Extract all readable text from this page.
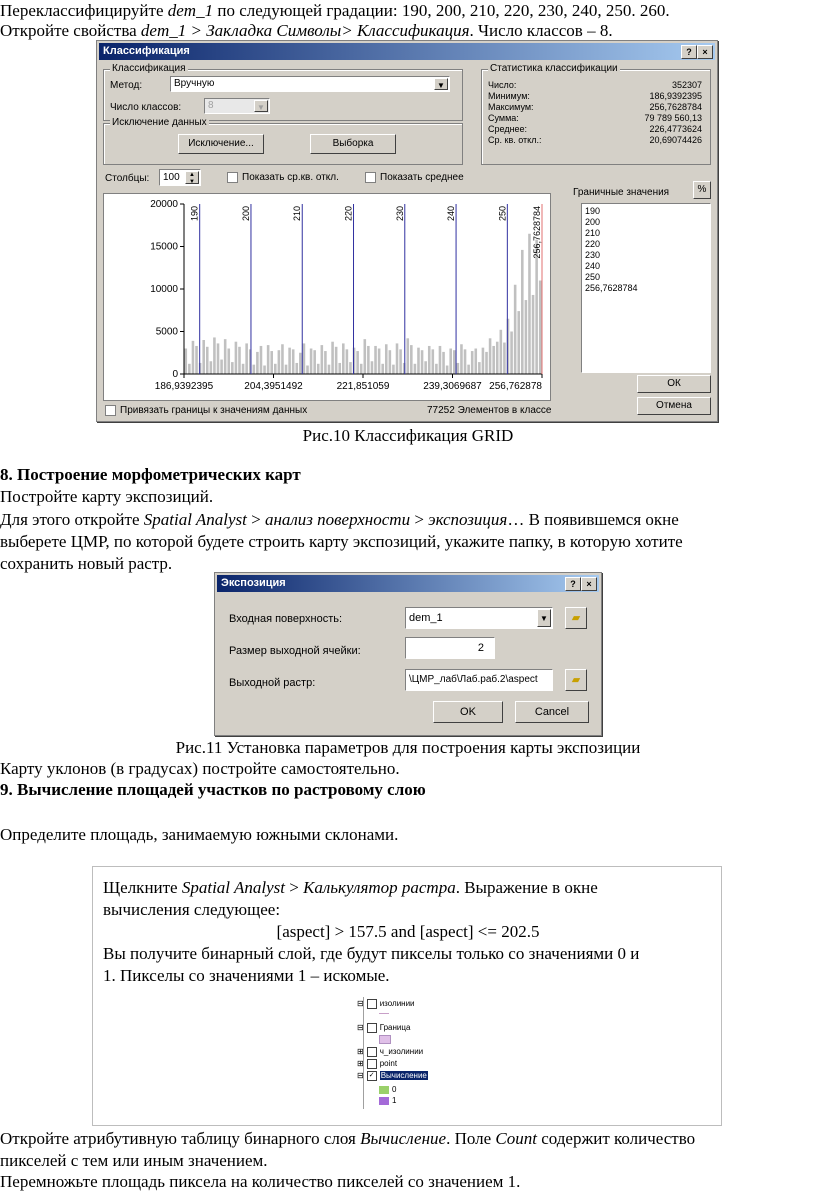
Переклассифицируйте dem_1 по следующей градации: 190, 200, 210, 220, 230, 240, 250. 260.
Откройте свойства dem_1 > Закладка Символы> Классификация. Число классов – 8.
Классификация	?	×
Классификация
Метод:	Вручную	▼
Число классов:	8	▼
Исключение данных
Исключение...	Выборка
Статистика классификации
Число:	352307
Минимум:	186,9392395
Максимум:	256,7628784
Сумма:	79 789 560,13
Среднее:	226,4773624
Ср. кв. откл.:	20,69074426
Столбцы:	100	▲
▼	Показать ср.кв. откл.	Показать среднее
20000
15000
10000
5000
0
186,9392395	204,3951492	221,851059	239,3069687 256,762878
190	200	210	220	230	240	250	256,7628784
Граничные значения	%
190
200
210
220
230
240
250
256,7628784
ОК
Отмена
Привязать границы к значениям данных	77252 Элементов в классе
Рис.10 Классификация GRID
8. Построение морфометрических карт
Постройте карту экспозиций.
Для этого откройте Spatial Analyst > анализ поверхности > экспозиция… В появившемся окне
выберете ЦМР, по которой будете строить карту экспозиций, укажите папку, в которую хотите
сохранить новый растр.
Экспозиция	?	×
Входная поверхность:	dem_1	▼	▰
Размер выходной ячейки:	2
Выходной растр:	\ЦМР_лаб\Лаб.раб.2\aspect	▰
OK	Cancel
Рис.11 Установка параметров для построения карты экспозиции
Карту уклонов (в градусах) постройте самостоятельно.
9. Вычисление площадей участков по растровому слою
Определите площадь, занимаемую южными склонами.
Щелкните Spatial Analyst > Калькулятор растра. Выражение в окне
вычисления следующее:
[aspect] > 157.5 and [aspect] <= 202.5
Вы получите бинарный слой, где будут пикселы только со значениями 0 и
1. Пикселы со значениями 1 – искомые.
⊟ изолинии
⊟ Граница
⊞ ч_изолинии
⊞ point
⊟ ✓ Вычисление
0
1
Откройте атрибутивную таблицу бинарного слоя Вычисление. Поле Count содержит количество
пикселей с тем или иным значением.
Перемножьте площадь пиксела на количество пикселей со значением 1.
